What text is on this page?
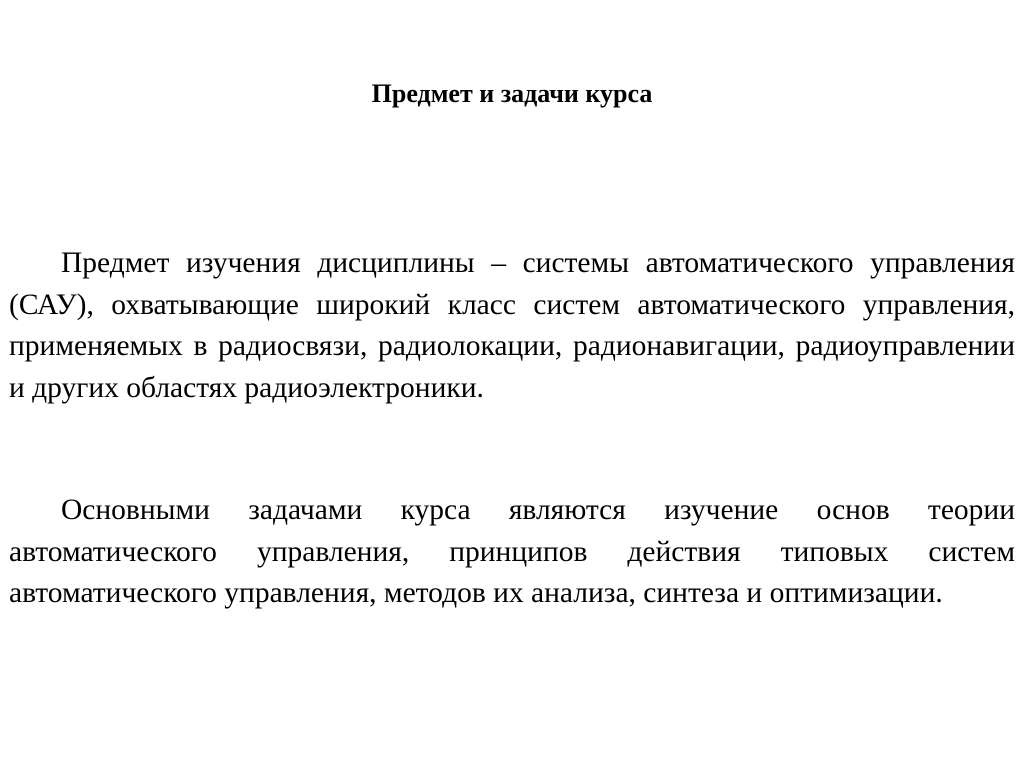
Предмет и задачи курса

Предмет изучения дисциплины – системы автоматического управления (САУ), охватывающие широкий класс систем автоматического управления, применяемых в радиосвязи, радиолокации, радионавигации, радиоуправлении и других областях радиоэлектроники.

Основными задачами курса являются изучение основ теории автоматического управления, принципов действия типовых систем автоматического управления, методов их анализа, синтеза и оптимизации.
